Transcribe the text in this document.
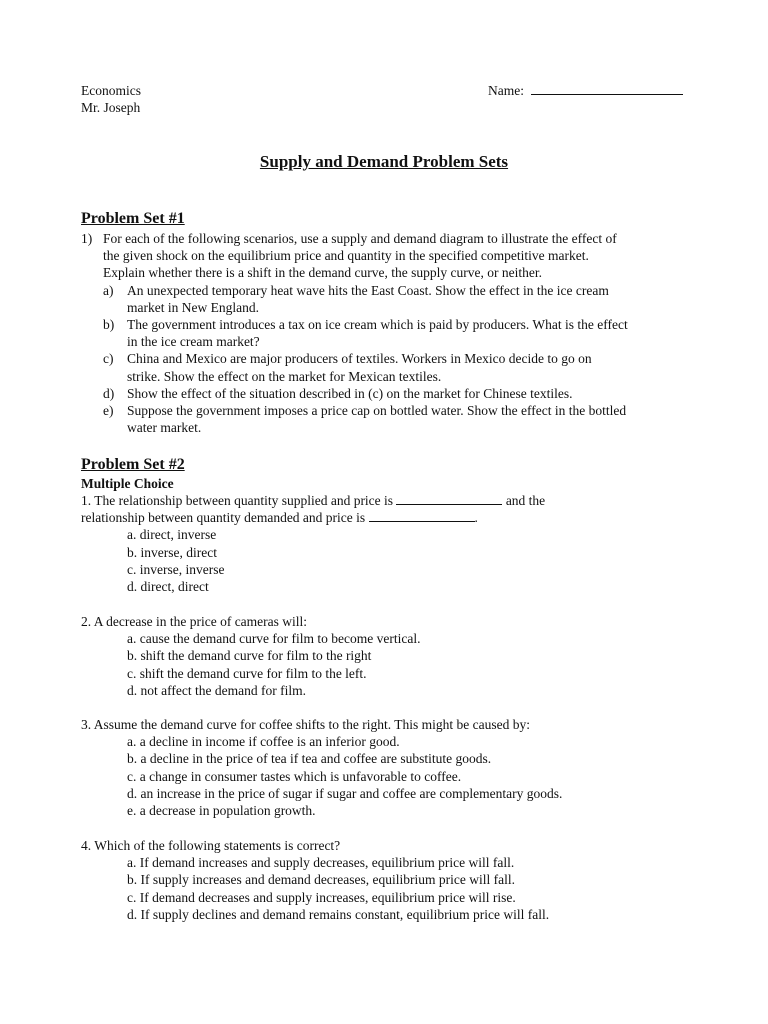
Economics
Mr. Joseph
Name:
Supply and Demand Problem Sets
Problem Set #1
1) For each of the following scenarios, use a supply and demand diagram to illustrate the effect of
the given shock on the equilibrium price and quantity in the specified competitive market.
Explain whether there is a shift in the demand curve, the supply curve, or neither.
a) An unexpected temporary heat wave hits the East Coast. Show the effect in the ice cream
market in New England.
b) The government introduces a tax on ice cream which is paid by producers. What is the effect
in the ice cream market?
c) China and Mexico are major producers of textiles. Workers in Mexico decide to go on
strike. Show the effect on the market for Mexican textiles.
d) Show the effect of the situation described in (c) on the market for Chinese textiles.
e) Suppose the government imposes a price cap on bottled water. Show the effect in the bottled
water market.
Problem Set #2
Multiple Choice
1. The relationship between quantity supplied and price is	and the
relationship between quantity demanded and price is	.
a. direct, inverse
b. inverse, direct
c. inverse, inverse
d. direct, direct
2. A decrease in the price of cameras will:
a. cause the demand curve for film to become vertical.
b. shift the demand curve for film to the right
c. shift the demand curve for film to the left.
d. not affect the demand for film.
3. Assume the demand curve for coffee shifts to the right. This might be caused by:
a. a decline in income if coffee is an inferior good.
b. a decline in the price of tea if tea and coffee are substitute goods.
c. a change in consumer tastes which is unfavorable to coffee.
d. an increase in the price of sugar if sugar and coffee are complementary goods.
e. a decrease in population growth.
4. Which of the following statements is correct?
a. If demand increases and supply decreases, equilibrium price will fall.
b. If supply increases and demand decreases, equilibrium price will fall.
c. If demand decreases and supply increases, equilibrium price will rise.
d. If supply declines and demand remains constant, equilibrium price will fall.
